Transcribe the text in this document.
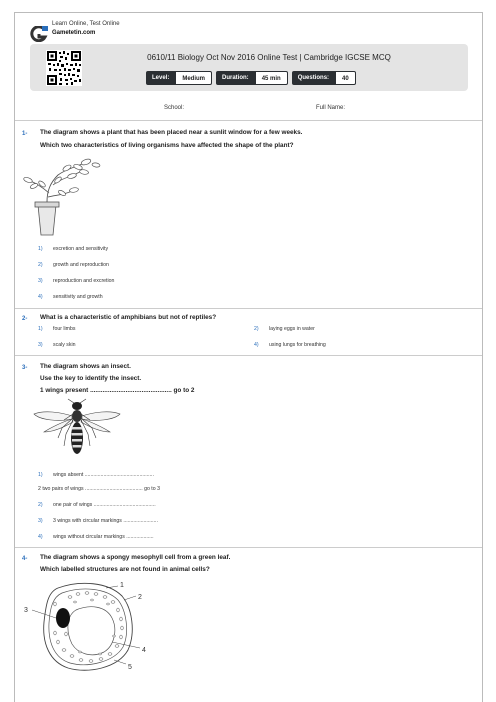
Learn Online, Test Online
Gametetin.com
0610/11 Biology Oct Nov 2016 Online Test | Cambridge IGCSE MCQ
Level:	Medium	Duration:	45 min	Questions:	40
School:	Full Name:
1- The diagram shows a plant that has been placed near a sunlit window for a few weeks.
Which two characteristics of living organisms have affected the shape of the plant?
1) excretion and sensitivity
2) growth and reproduction
3) reproduction and excretion
4) sensitivity and growth
2- What is a characteristic of amphibians but not of reptiles?
1) four limbs	2) laying eggs in water
3) scaly skin	4) using lungs for breathing
3- The diagram shows an insect.
Use the key to identify the insect.
1 wings present .............................................. go to 2
1) wings absent ................................................
2 two pairs of wings ........................................ go to 3
2) one pair of wings ...........................................
3) 3 wings with circular markings ........................
4) wings without circular markings ...................
4- The diagram shows a spongy mesophyll cell from a green leaf.
Which labelled structures are not found in animal cells?
1
2
3
4
5
